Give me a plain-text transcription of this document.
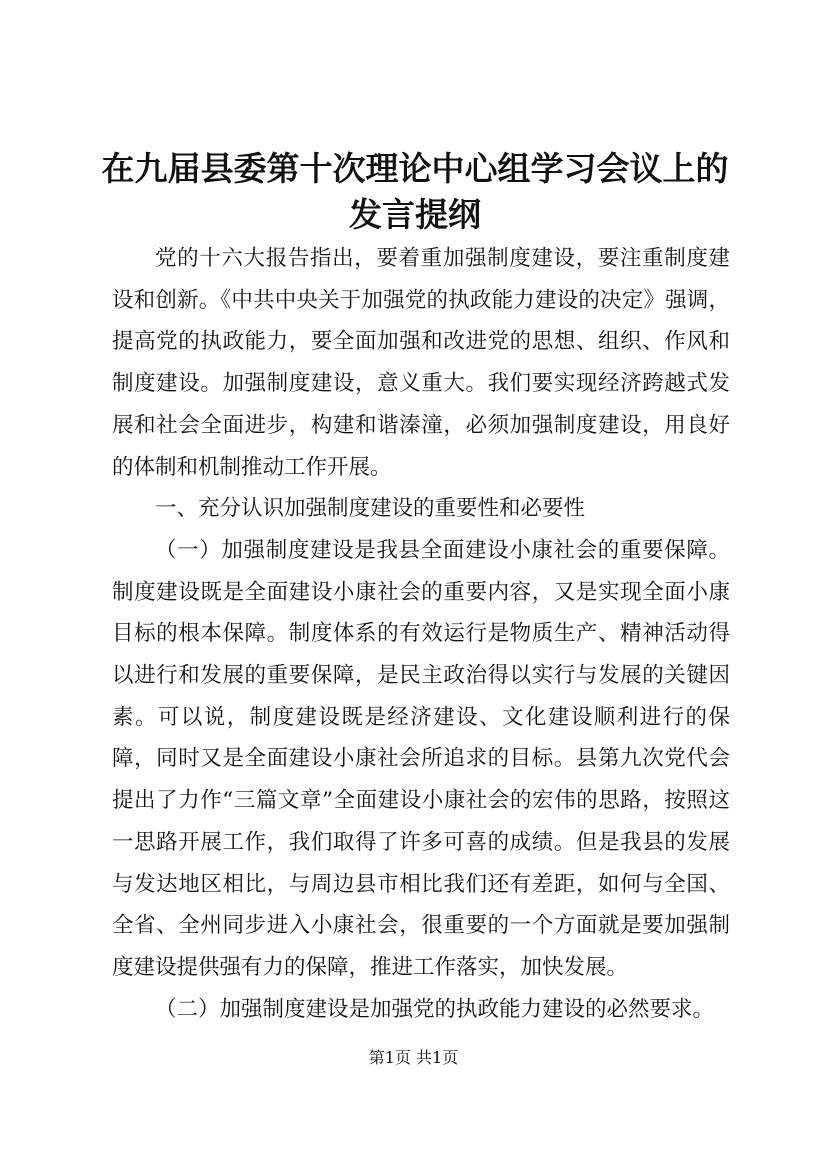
在九届县委第十次理论中心组学习会议上的发言提纲

党的十六大报告指出，要着重加强制度建设，要注重制度建设和创新。《中共中央关于加强党的执政能力建设的决定》强调，提高党的执政能力，要全面加强和改进党的思想、组织、作风和制度建设。加强制度建设，意义重大。我们要实现经济跨越式发展和社会全面进步，构建和谐溱潼，必须加强制度建设，用良好的体制和机制推动工作开展。

一、充分认识加强制度建设的重要性和必要性

（一）加强制度建设是我县全面建设小康社会的重要保障。制度建设既是全面建设小康社会的重要内容，又是实现全面小康目标的根本保障。制度体系的有效运行是物质生产、精神活动得以进行和发展的重要保障，是民主政治得以实行与发展的关键因素。可以说，制度建设既是经济建设、文化建设顺利进行的保障，同时又是全面建设小康社会所追求的目标。县第九次党代会提出了力作“三篇文章”全面建设小康社会的宏伟的思路，按照这一思路开展工作，我们取得了许多可喜的成绩。但是我县的发展与发达地区相比，与周边县市相比我们还有差距，如何与全国、全省、全州同步进入小康社会，很重要的一个方面就是要加强制度建设提供强有力的保障，推进工作落实，加快发展。

（二）加强制度建设是加强党的执政能力建设的必然要求。

第1页 共1页
